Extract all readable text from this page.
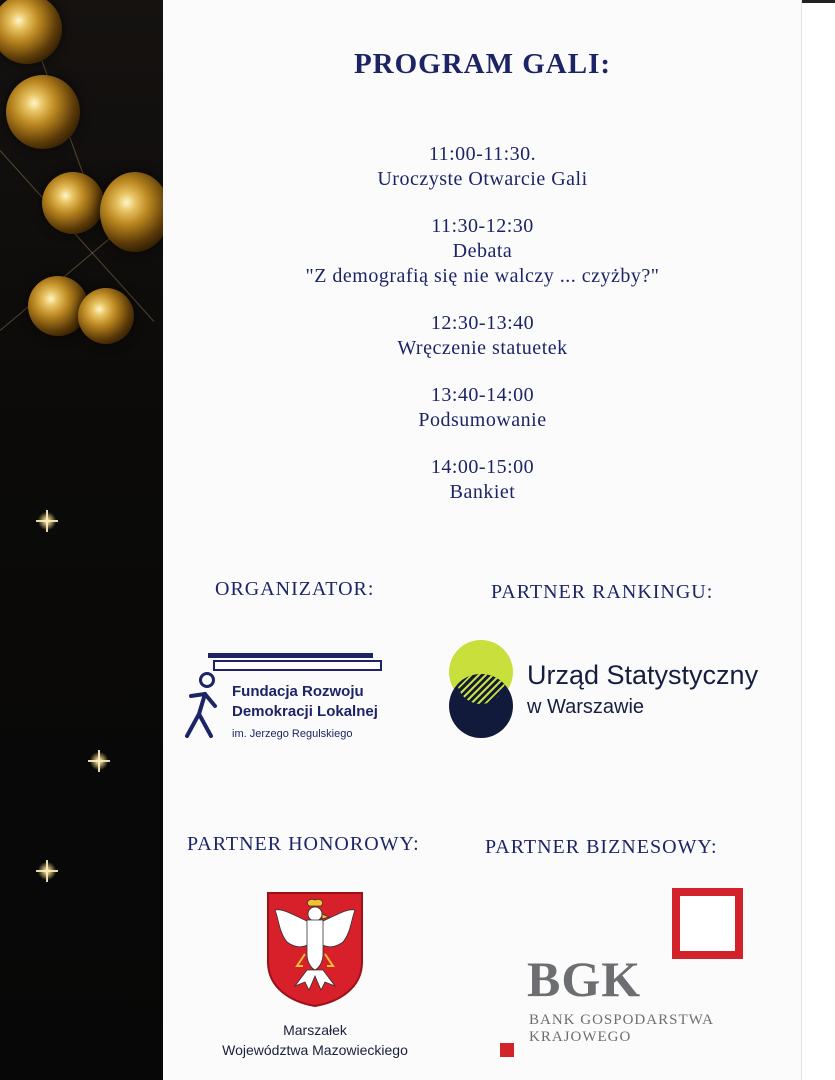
PROGRAM GALI:
11:00-11:30.
Uroczyste Otwarcie Gali
11:30-12:30
Debata
"Z demografią się nie walczy ... czyżby?"
12:30-13:40
Wręczenie statuetek
13:40-14:00
Podsumowanie
14:00-15:00
Bankiet
ORGANIZATOR:	PARTNER RANKINGU:
PARTNER HONOROWY:	PARTNER BIZNESOWY:
Fundacja Rozwoju
Demokracji Lokalnej
im. Jerzego Regulskiego
Urząd Statystyczny
w Warszawie
Marszałek
Województwa Mazowieckiego
BGK
BANK GOSPODARSTWA
KRAJOWEGO
